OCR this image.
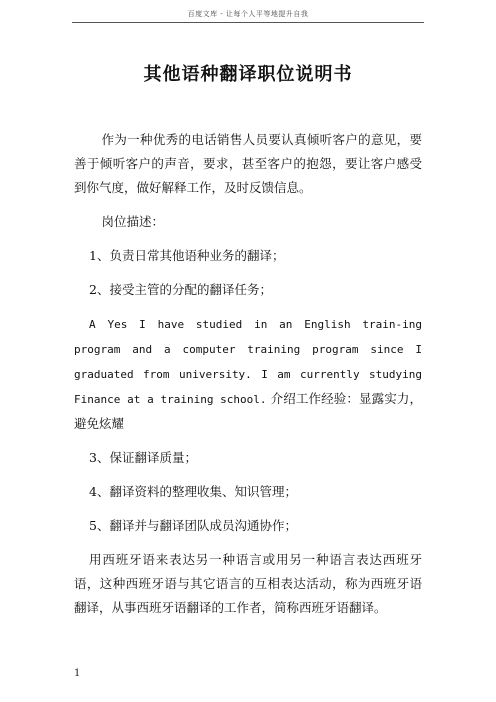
百度文库 - 让每个人平等地提升自我
其他语种翻译职位说明书

作为一种优秀的电话销售人员要认真倾听客户的意见，要善于倾听客户的声音，要求，甚至客户的抱怨，要让客户感受到你气度，做好解释工作，及时反馈信息。

岗位描述：

1、负责日常其他语种业务的翻译；

2、接受主管的分配的翻译任务；

A Yes I have studied in an English train-ing program and a computer training program since I graduated from university. I am currently studying Finance at a training school. 介绍工作经验：显露实力，避免炫耀

3、保证翻译质量；

4、翻译资料的整理收集、知识管理；

5、翻译并与翻译团队成员沟通协作；

用西班牙语来表达另一种语言或用另一种语言表达西班牙语，这种西班牙语与其它语言的互相表达活动，称为西班牙语翻译，从事西班牙语翻译的工作者，简称西班牙语翻译。

1
